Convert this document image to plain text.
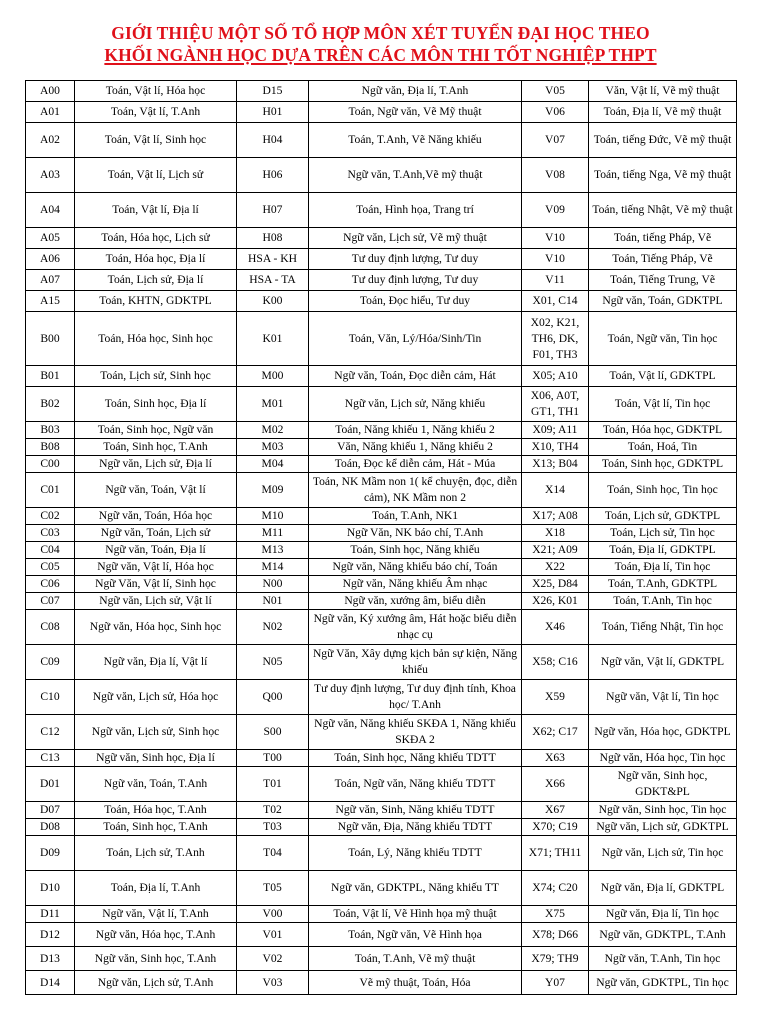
GIỚI THIỆU MỘT SỐ TỔ HỢP MÔN XÉT TUYỂN ĐẠI HỌC THEO
KHỐI NGÀNH HỌC DỰA TRÊN CÁC MÔN THI TỐT NGHIỆP THPT
A00	Toán, Vật lí, Hóa học	D15	Ngữ văn, Địa lí, T.Anh	V05	Văn, Vật lí, Vẽ mỹ thuật
A01	Toán, Vật lí, T.Anh	H01	Toán, Ngữ văn, Vẽ Mỹ thuật	V06	Toán, Địa lí, Vẽ mỹ thuật
A02	Toán, Vật lí, Sinh học	H04	Toán, T.Anh, Vẽ Năng khiếu	V07	Toán, tiếng Đức, Vẽ mỹ thuật
A03	Toán, Vật lí, Lịch sử	H06	Ngữ văn, T.Anh,Vẽ mỹ thuật	V08	Toán, tiếng Nga, Vẽ mỹ thuật
A04	Toán, Vật lí, Địa lí	H07	Toán, Hình họa, Trang trí	V09	Toán, tiếng Nhật, Vẽ mỹ thuật
A05	Toán, Hóa học, Lịch sử	H08	Ngữ văn, Lịch sử, Vẽ mỹ thuật	V10	Toán, tiếng Pháp, Vẽ
A06	Toán, Hóa học, Địa lí	HSA - KH	Tư duy định lượng, Tư duy	V10	Toán, Tiếng Pháp, Vẽ
A07	Toán, Lịch sử, Địa lí	HSA - TA	Tư duy định lượng, Tư duy	V11	Toán, Tiếng Trung, Vẽ
A15	Toán, KHTN, GDKTPL	K00	Toán, Đọc hiểu, Tư duy	X01, C14	Ngữ văn, Toán, GDKTPL
B00	Toán, Hóa học, Sinh học	K01	Toán, Văn, Lý/Hóa/Sinh/Tin	X02, K21, TH6, DK, F01, TH3	Toán, Ngữ văn, Tin học
B01	Toán, Lịch sử, Sinh học	M00	Ngữ văn, Toán, Đọc diễn cảm, Hát	X05; A10	Toán, Vật lí, GDKTPL
B02	Toán, Sinh học, Địa lí	M01	Ngữ văn, Lịch sử, Năng khiếu	X06, A0T, GT1, TH1	Toán, Vật lí, Tin học
B03	Toán, Sinh học, Ngữ văn	M02	Toán, Năng khiếu 1, Năng khiếu 2	X09; A11	Toán, Hóa học, GDKTPL
B08	Toán, Sinh học, T.Anh	M03	Văn, Năng khiếu 1, Năng khiếu 2	X10, TH4	Toán, Hoá, Tin
C00	Ngữ văn, Lịch sử, Địa lí	M04	Toán, Đọc kể diễn cảm, Hát - Múa	X13; B04	Toán, Sinh học, GDKTPL
C01	Ngữ văn, Toán, Vật lí	M09	Toán, NK Mầm non 1( kể chuyện, đọc, diễn cảm), NK Mầm non 2	X14	Toán, Sinh học, Tin học
C02	Ngữ văn, Toán, Hóa học	M10	Toán, T.Anh, NK1	X17; A08	Toán, Lịch sử, GDKTPL
C03	Ngữ văn, Toán, Lịch sử	M11	Ngữ Văn, NK báo chí, T.Anh	X18	Toán, Lịch sử, Tin học
C04	Ngữ văn, Toán, Địa lí	M13	Toán, Sinh học, Năng khiếu	X21; A09	Toán, Địa lí, GDKTPL
C05	Ngữ văn, Vật lí, Hóa học	M14	Ngữ văn, Năng khiếu báo chí, Toán	X22	Toán, Địa lí, Tin học
C06	Ngữ Văn, Vật lí, Sinh học	N00	Ngữ văn, Năng khiếu Âm nhạc	X25, D84	Toán, T.Anh, GDKTPL
C07	Ngữ văn, Lịch sử, Vật lí	N01	Ngữ văn, xướng âm, biểu diễn	X26, K01	Toán, T.Anh, Tin học
C08	Ngữ văn, Hóa học, Sinh học	N02	Ngữ văn, Ký xướng âm, Hát hoặc biểu diễn nhạc cụ	X46	Toán, Tiếng Nhật, Tin học
C09	Ngữ văn, Địa lí, Vật lí	N05	Ngữ Văn, Xây dựng kịch bản sự kiện, Năng khiếu	X58; C16	Ngữ văn, Vật lí, GDKTPL
C10	Ngữ văn, Lịch sử, Hóa học	Q00	Tư duy định lượng, Tư duy định tính, Khoa học/ T.Anh	X59	Ngữ văn, Vật lí, Tin học
C12	Ngữ văn, Lịch sử, Sinh học	S00	Ngữ văn, Năng khiếu SKĐA 1, Năng khiếu SKĐA 2	X62; C17	Ngữ văn, Hóa học, GDKTPL
C13	Ngữ văn, Sinh học, Địa lí	T00	Toán, Sinh học, Năng khiếu TDTT	X63	Ngữ văn, Hóa học, Tin học
D01	Ngữ văn, Toán, T.Anh	T01	Toán, Ngữ văn, Năng khiếu TDTT	X66	Ngữ văn, Sinh học, GDKT&PL
D07	Toán, Hóa học, T.Anh	T02	Ngữ văn, Sinh, Năng khiếu TDTT	X67	Ngữ văn, Sinh học, Tin học
D08	Toán, Sinh học, T.Anh	T03	Ngữ văn, Địa, Năng khiếu TDTT	X70; C19	Ngữ văn, Lịch sử, GDKTPL
D09	Toán, Lịch sử, T.Anh	T04	Toán, Lý, Năng khiếu TDTT	X71; TH11	Ngữ văn, Lịch sử, Tin học
D10	Toán, Địa lí, T.Anh	T05	Ngữ văn, GDKTPL, Năng khiếu TT	X74; C20	Ngữ văn, Địa lí, GDKTPL
D11	Ngữ văn, Vật lí, T.Anh	V00	Toán, Vật lí, Vẽ Hình họa mỹ thuật	X75	Ngữ văn, Địa lí, Tin học
D12	Ngữ văn, Hóa học, T.Anh	V01	Toán, Ngữ văn, Vẽ Hình họa	X78; D66	Ngữ văn, GDKTPL, T.Anh
D13	Ngữ văn, Sinh học, T.Anh	V02	Toán, T.Anh, Vẽ mỹ thuật	X79; TH9	Ngữ văn, T.Anh, Tin học
D14	Ngữ văn, Lịch sử, T.Anh	V03	Vẽ mỹ thuật, Toán, Hóa	Y07	Ngữ văn, GDKTPL, Tin học
